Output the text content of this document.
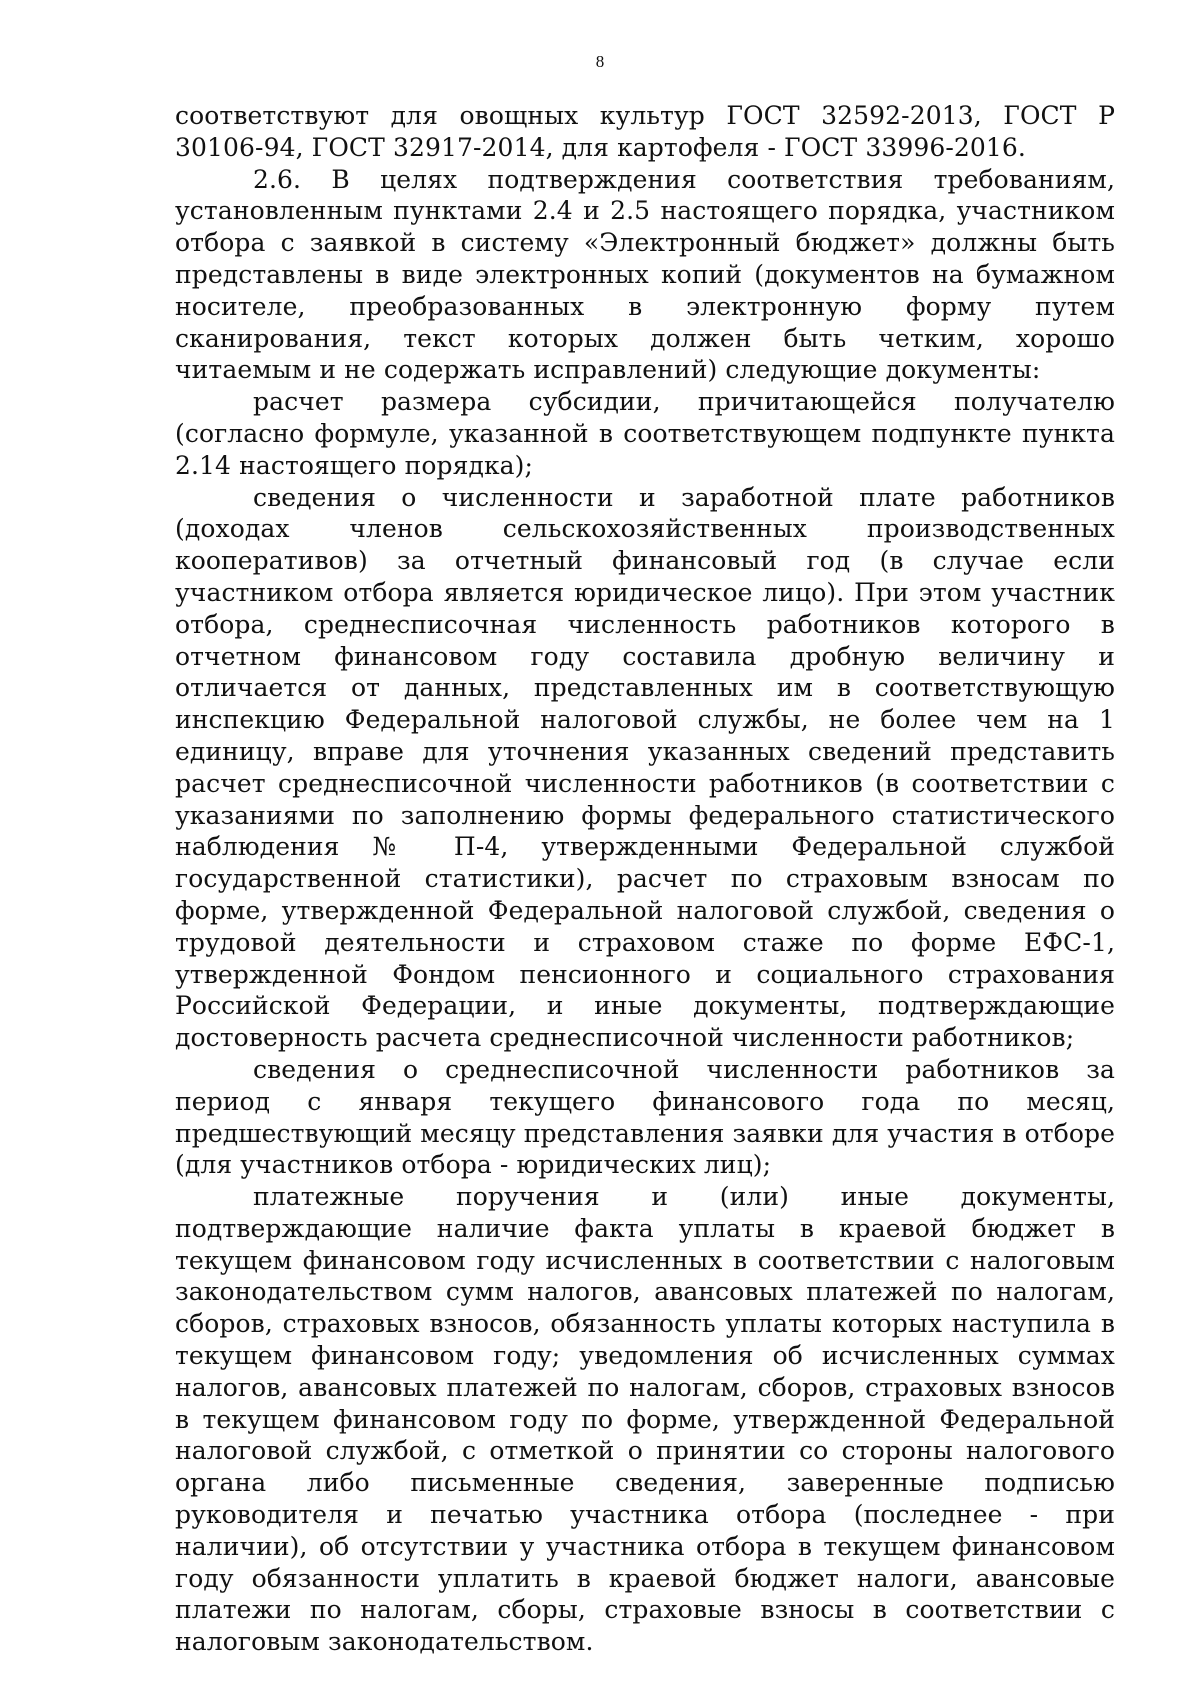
8

соответствуют для овощных культур ГОСТ 32592-2013, ГОСТ Р 30106-94, ГОСТ 32917-2014, для картофеля - ГОСТ 33996-2016.

2.6. В целях подтверждения соответствия требованиям, установленным пунктами 2.4 и 2.5 настоящего порядка, участником отбора с заявкой в систему «Электронный бюджет» должны быть представлены в виде электронных копий (документов на бумажном носителе, преобразованных в электронную форму путем сканирования, текст которых должен быть четким, хорошо читаемым и не содержать исправлений) следующие документы:

расчет размера субсидии, причитающейся получателю (согласно формуле, указанной в соответствующем подпункте пункта 2.14 настоящего порядка);

сведения о численности и заработной плате работников (доходах членов сельскохозяйственных производственных кооперативов) за отчетный финансовый год (в случае если участником отбора является юридическое лицо). При этом участник отбора, среднесписочная численность работников которого в отчетном финансовом году составила дробную величину и отличается от данных, представленных им в соответствующую инспекцию Федеральной налоговой службы, не более чем на 1 единицу, вправе для уточнения указанных сведений представить расчет среднесписочной численности работников (в соответствии с указаниями по заполнению формы федерального статистического наблюдения № П-4, утвержденными Федеральной службой государственной статистики), расчет по страховым взносам по форме, утвержденной Федеральной налоговой службой, сведения о трудовой деятельности и страховом стаже по форме ЕФС-1, утвержденной Фондом пенсионного и социального страхования Российской Федерации, и иные документы, подтверждающие достоверность расчета среднесписочной численности работников;

сведения о среднесписочной численности работников за период с января текущего финансового года по месяц, предшествующий месяцу представления заявки для участия в отборе (для участников отбора - юридических лиц);

платежные поручения и (или) иные документы, подтверждающие наличие факта уплаты в краевой бюджет в текущем финансовом году исчисленных в соответствии с налоговым законодательством сумм налогов, авансовых платежей по налогам, сборов, страховых взносов, обязанность уплаты которых наступила в текущем финансовом году; уведомления об исчисленных суммах налогов, авансовых платежей по налогам, сборов, страховых взносов в текущем финансовом году по форме, утвержденной Федеральной налоговой службой, с отметкой о принятии со стороны налогового органа либо письменные сведения, заверенные подписью руководителя и печатью участника отбора (последнее - при наличии), об отсутствии у участника отбора в текущем финансовом году обязанности уплатить в краевой бюджет налоги, авансовые платежи по налогам, сборы, страховые взносы в соответствии с налоговым законодательством.
